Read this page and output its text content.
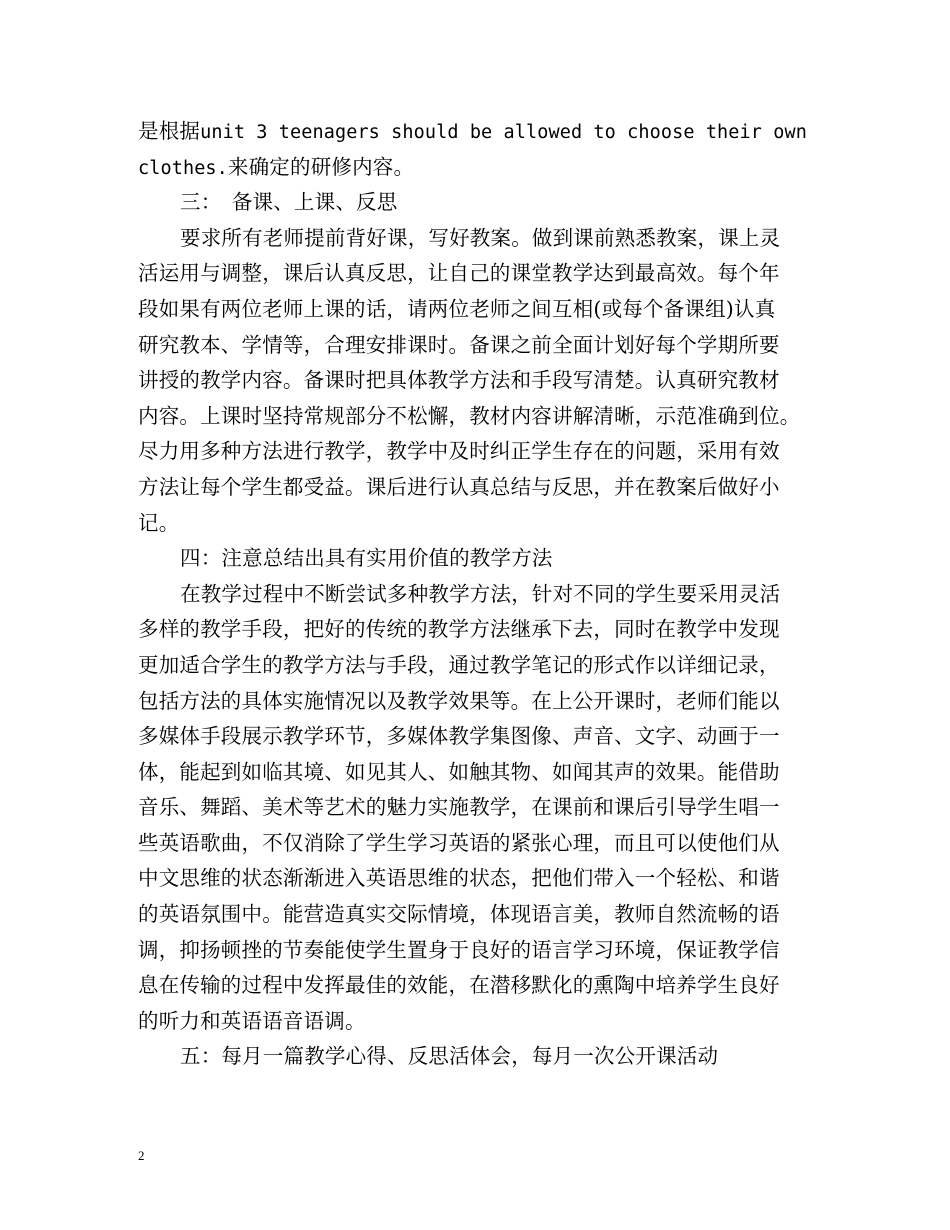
是根据unit 3 teenagers should be allowed to choose their own
clothes.来确定的研修内容。
三：　备课、上课、反思
要求所有老师提前背好课，写好教案。做到课前熟悉教案，课上灵
活运用与调整，课后认真反思，让自己的课堂教学达到最高效。每个年
段如果有两位老师上课的话，请两位老师之间互相(或每个备课组)认真
研究教本、学情等，合理安排课时。备课之前全面计划好每个学期所要
讲授的教学内容。备课时把具体教学方法和手段写清楚。认真研究教材
内容。上课时坚持常规部分不松懈，教材内容讲解清晰，示范准确到位。
尽力用多种方法进行教学，教学中及时纠正学生存在的问题，采用有效
方法让每个学生都受益。课后进行认真总结与反思，并在教案后做好小
记。
四：注意总结出具有实用价值的教学方法
在教学过程中不断尝试多种教学方法，针对不同的学生要采用灵活
多样的教学手段，把好的传统的教学方法继承下去，同时在教学中发现
更加适合学生的教学方法与手段，通过教学笔记的形式作以详细记录，
包括方法的具体实施情况以及教学效果等。在上公开课时，老师们能以
多媒体手段展示教学环节，多媒体教学集图像、声音、文字、动画于一
体，能起到如临其境、如见其人、如触其物、如闻其声的效果。能借助
音乐、舞蹈、美术等艺术的魅力实施教学，在课前和课后引导学生唱一
些英语歌曲，不仅消除了学生学习英语的紧张心理，而且可以使他们从
中文思维的状态渐渐进入英语思维的状态，把他们带入一个轻松、和谐
的英语氛围中。能营造真实交际情境，体现语言美，教师自然流畅的语
调，抑扬顿挫的节奏能使学生置身于良好的语言学习环境，保证教学信
息在传输的过程中发挥最佳的效能，在潜移默化的熏陶中培养学生良好
的听力和英语语音语调。
五：每月一篇教学心得、反思活体会，每月一次公开课活动
2
